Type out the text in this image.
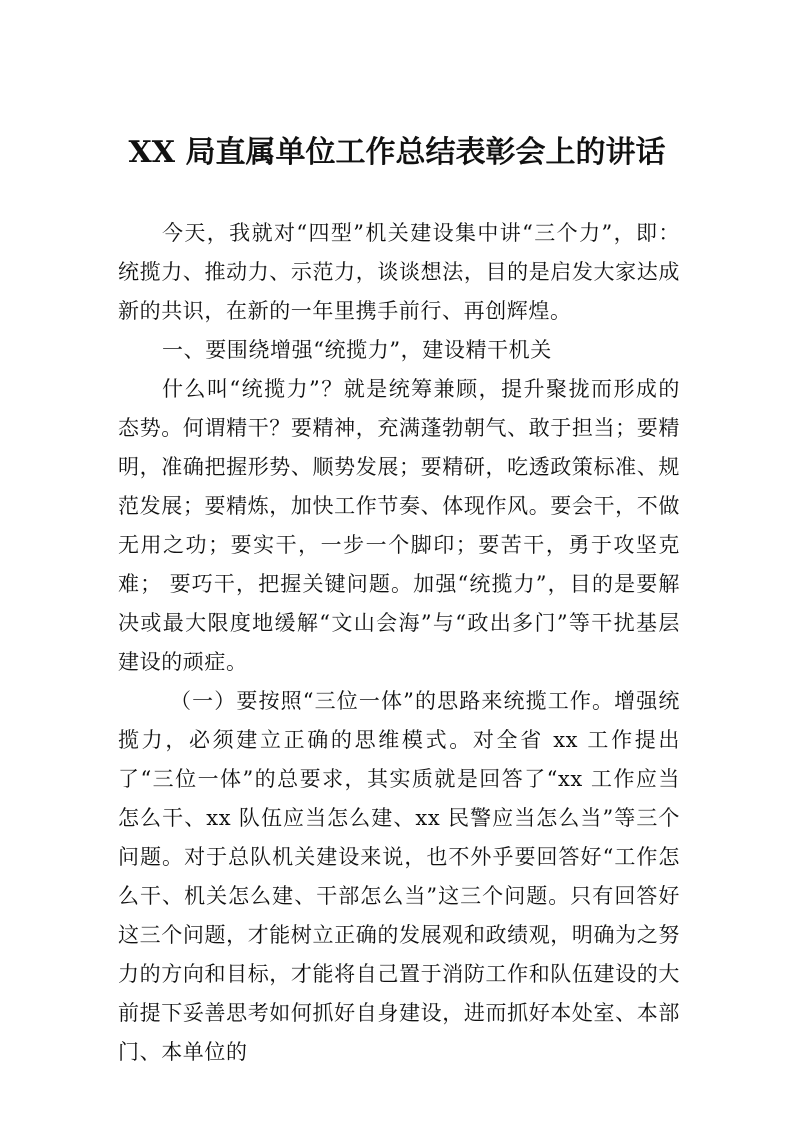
XX 局直属单位工作总结表彰会上的讲话

今天，我就对“四型”机关建设集中讲“三个力”，即：统揽力、推动力、示范力，谈谈想法，目的是启发大家达成新的共识，在新的一年里携手前行、再创辉煌。

一、要围绕增强“统揽力”，建设精干机关

什么叫“统揽力”？就是统筹兼顾，提升聚拢而形成的 态势。何谓精干？要精神，充满蓬勃朝气、敢于担当；要精明，准确把握形势、顺势发展；要精研，吃透政策标准、规范发展；要精炼，加快工作节奏、体现作风。要会干，不做无用之功；要实干，一步一个脚印；要苦干，勇于攻坚克难； 要巧干，把握关键问题。加强“统揽力”，目的是要解决或最大限度地缓解“文山会海”与“政出多门”等干扰基层建设的顽症。

（一）要按照“三位一体”的思路来统揽工作。增强统揽力，必须建立正确的思维模式。对全省 xx 工作提出了“三位一体”的总要求，其实质就是回答了“xx 工作应当怎么干、xx 队伍应当怎么建、xx 民警应当怎么当”等三个问题。对于总队机关建设来说，也不外乎要回答好“工作怎么干、机关怎么建、干部怎么当”这三个问题。只有回答好这三个问题，才能树立正确的发展观和政绩观，明确为之努力的方向和目标，才能将自己置于消防工作和队伍建设的大前提下妥善思考如何抓好自身建设，进而抓好本处室、本部门、本单位的
